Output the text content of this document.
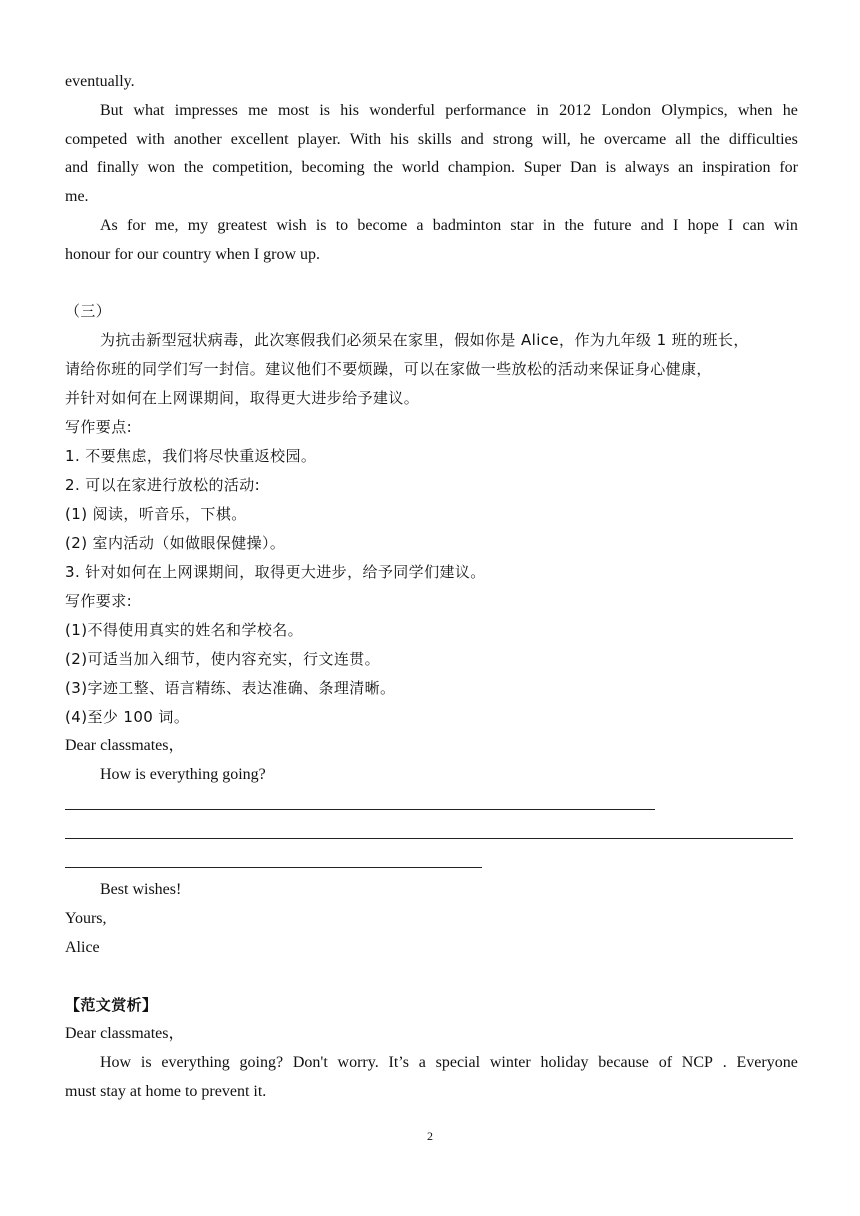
eventually.
But what impresses me most is his wonderful performance in 2012 London Olympics, when he
competed with another excellent player. With his skills and strong will, he overcame all the difficulties
and finally won the competition, becoming the world champion. Super Dan is always an inspiration for
me.
As for me, my greatest wish is to become a badminton star in the future and I hope I can win
honour for our country when I grow up.
（三）
为抗击新型冠状病毒，此次寒假我们必须呆在家里，假如你是 Alice，作为九年级 1 班的班长，
请给你班的同学们写一封信。建议他们不要烦躁，可以在家做一些放松的活动来保证身心健康，
并针对如何在上网课期间，取得更大进步给予建议。
写作要点:
1. 不要焦虑，我们将尽快重返校园。
2. 可以在家进行放松的活动:
(1) 阅读，听音乐，下棋。
(2) 室内活动（如做眼保健操）。
3. 针对如何在上网课期间，取得更大进步，给予同学们建议。
写作要求:
(1)不得使用真实的姓名和学校名。
(2)可适当加入细节，使内容充实，行文连贯。
(3)字迹工整、语言精练、表达准确、条理清晰。
(4)至少 100 词。
Dear classmates，
How is everything going?
Best wishes!
Yours,
Alice
【范文赏析】
Dear classmates，
How is everything going? Don't worry. It’s a special winter holiday because of NCP . Everyone
must stay at home to prevent it.
2
